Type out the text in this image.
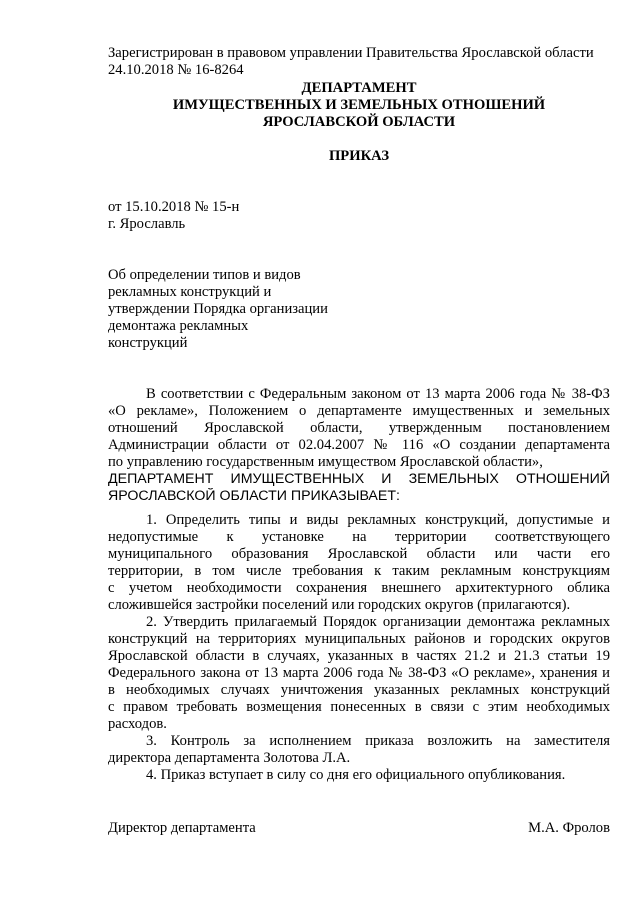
Зарегистрирован в правовом управлении Правительства Ярославской области
24.10.2018 № 16-8264
ДЕПАРТАМЕНТ
ИМУЩЕСТВЕННЫХ И ЗЕМЕЛЬНЫХ ОТНОШЕНИЙ
ЯРОСЛАВСКОЙ ОБЛАСТИ
ПРИКАЗ
от 15.10.2018 № 15-н
г. Ярославль
Об определении типов и видов
рекламных конструкций и
утверждении Порядка организации
демонтажа рекламных
конструкций
В соответствии с Федеральным законом от 13 марта 2006 года № 38-ФЗ
«О рекламе», Положением о департаменте имущественных и земельных
отношений Ярославской области, утвержденным постановлением
Администрации области от 02.04.2007 № 116 «О создании департамента
по управлению государственным имуществом Ярославской области»,
ДЕПАРТАМЕНТ ИМУЩЕСТВЕННЫХ И ЗЕМЕЛЬНЫХ ОТНОШЕНИЙ
ЯРОСЛАВСКОЙ ОБЛАСТИ ПРИКАЗЫВАЕТ:
1. Определить типы и виды рекламных конструкций, допустимые и
недопустимые к установке на территории соответствующего
муниципального образования Ярославской области или части его
территории, в том числе требования к таким рекламным конструкциям
с учетом необходимости сохранения внешнего архитектурного облика
сложившейся застройки поселений или городских округов (прилагаются).
2. Утвердить прилагаемый Порядок организации демонтажа рекламных
конструкций на территориях муниципальных районов и городских округов
Ярославской области в случаях, указанных в частях 21.2 и 21.3 статьи 19
Федерального закона от 13 марта 2006 года № 38-ФЗ «О рекламе», хранения и
в необходимых случаях уничтожения указанных рекламных конструкций
с правом требовать возмещения понесенных в связи с этим необходимых
расходов.
3. Контроль за исполнением приказа возложить на заместителя
директора департамента Золотова Л.А.
4. Приказ вступает в силу со дня его официального опубликования.
Директор департамента	М.А. Фролов
